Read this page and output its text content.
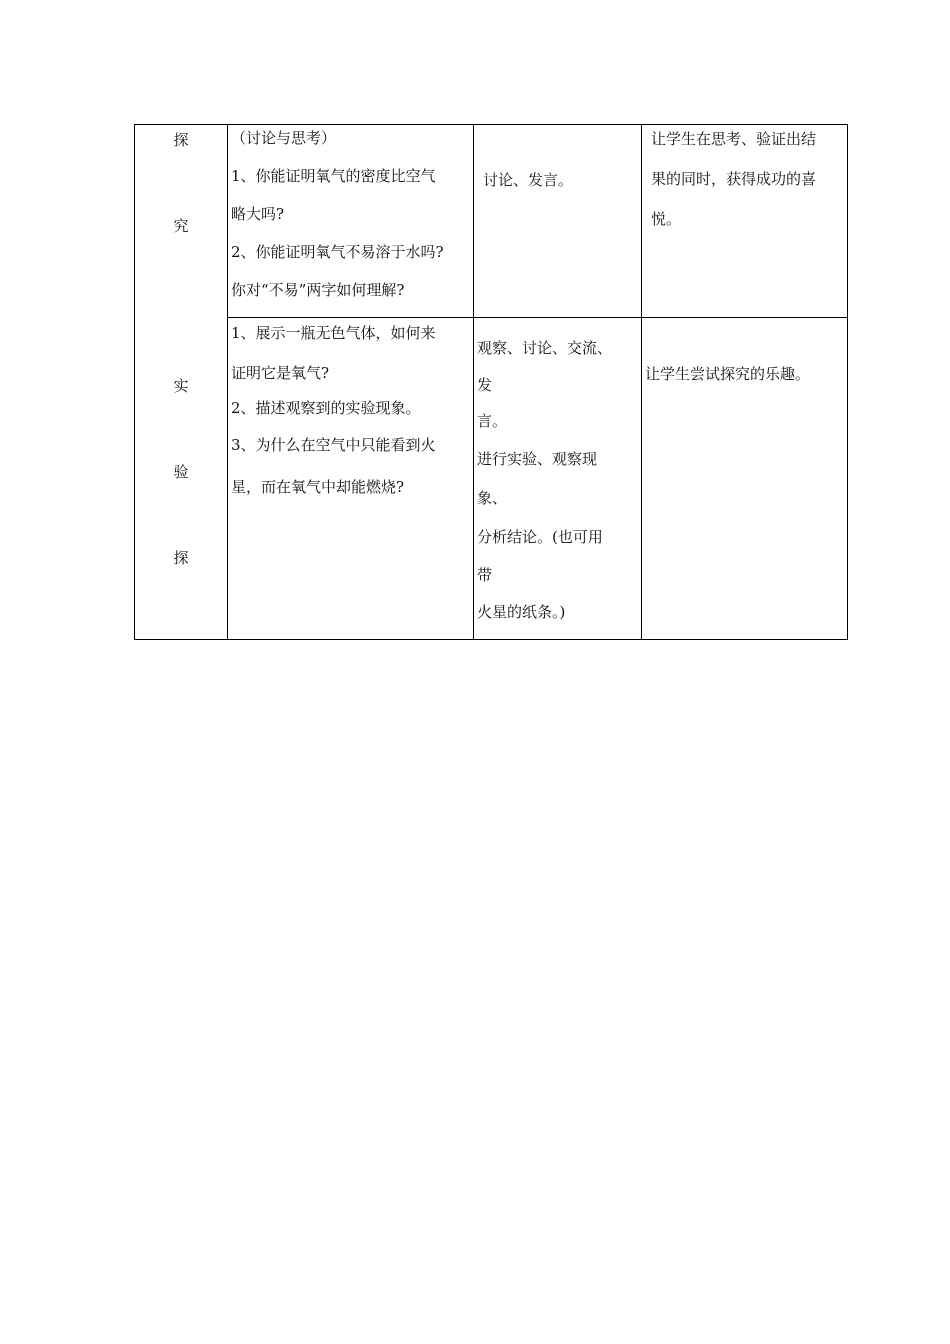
探
究
实
验
探
（讨论与思考）
1、你能证明氧气的密度比空气
略大吗?
2、你能证明氧气不易溶于水吗?
你对“不易”两字如何理解?
讨论、发言。
让学生在思考、验证出结
果的同时，获得成功的喜
悦。
1、展示一瓶无色气体，如何来
证明它是氧气?
2、描述观察到的实验现象。
3、为什么在空气中只能看到火
星，而在氧气中却能燃烧?
观察、讨论、交流、
发
言。
进行实验、观察现
象、
分析结论。(也可用
带
火星的纸条。)
让学生尝试探究的乐趣。
